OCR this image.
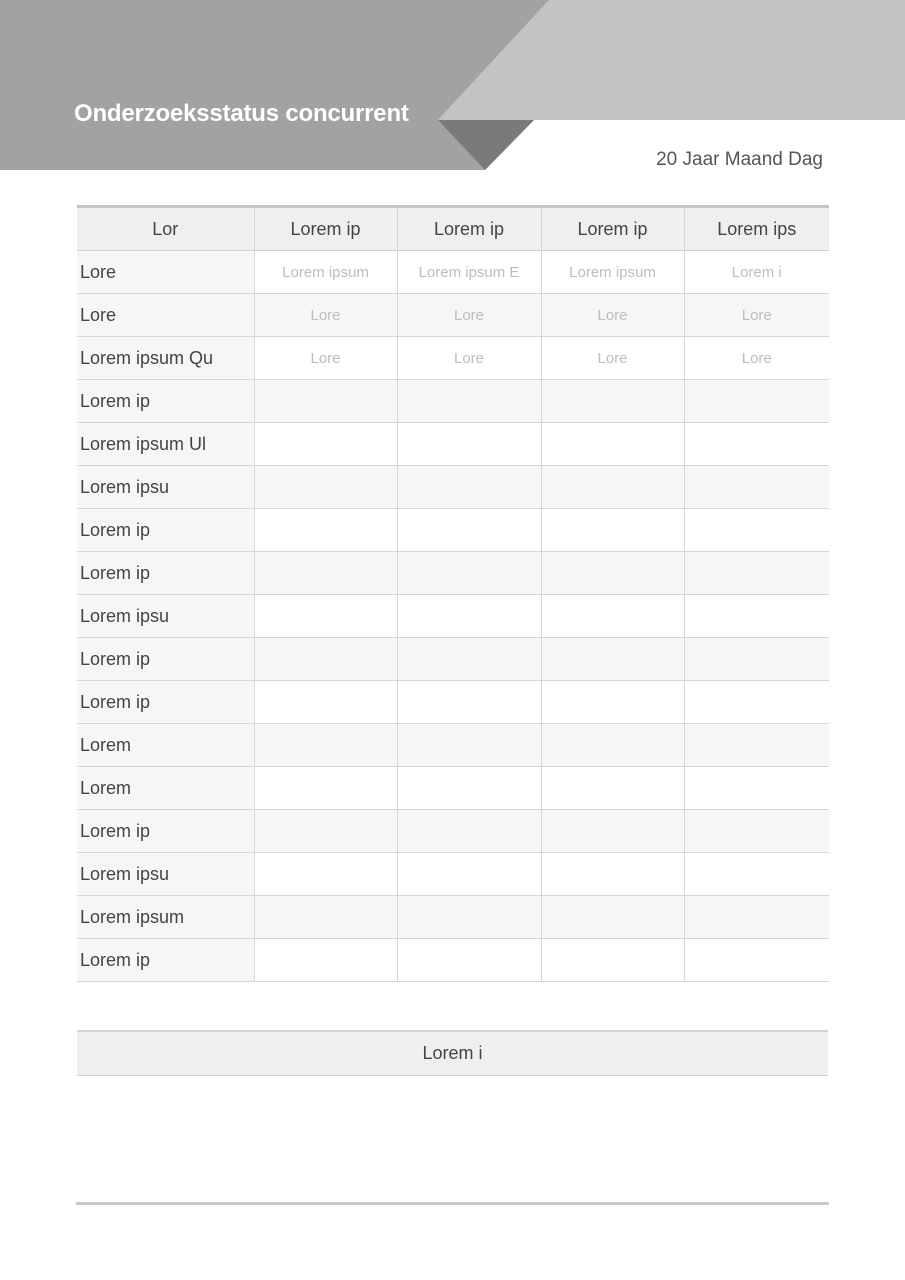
Onderzoeksstatus concurrent
20 Jaar Maand Dag
Lor	Lorem ip	Lorem ip	Lorem ip	Lorem ips
Lore	Lorem ipsum	Lorem ipsum E	Lorem ipsum	Lorem i
Lore	Lore	Lore	Lore	Lore
Lorem ipsum Qu	Lore	Lore	Lore	Lore
Lorem ip				
Lorem ipsum Ul				
Lorem ipsu				
Lorem ip				
Lorem ip				
Lorem ipsu				
Lorem ip				
Lorem ip				
Lorem				
Lorem				
Lorem ip				
Lorem ipsu				
Lorem ipsum				
Lorem ip				
Lorem i
